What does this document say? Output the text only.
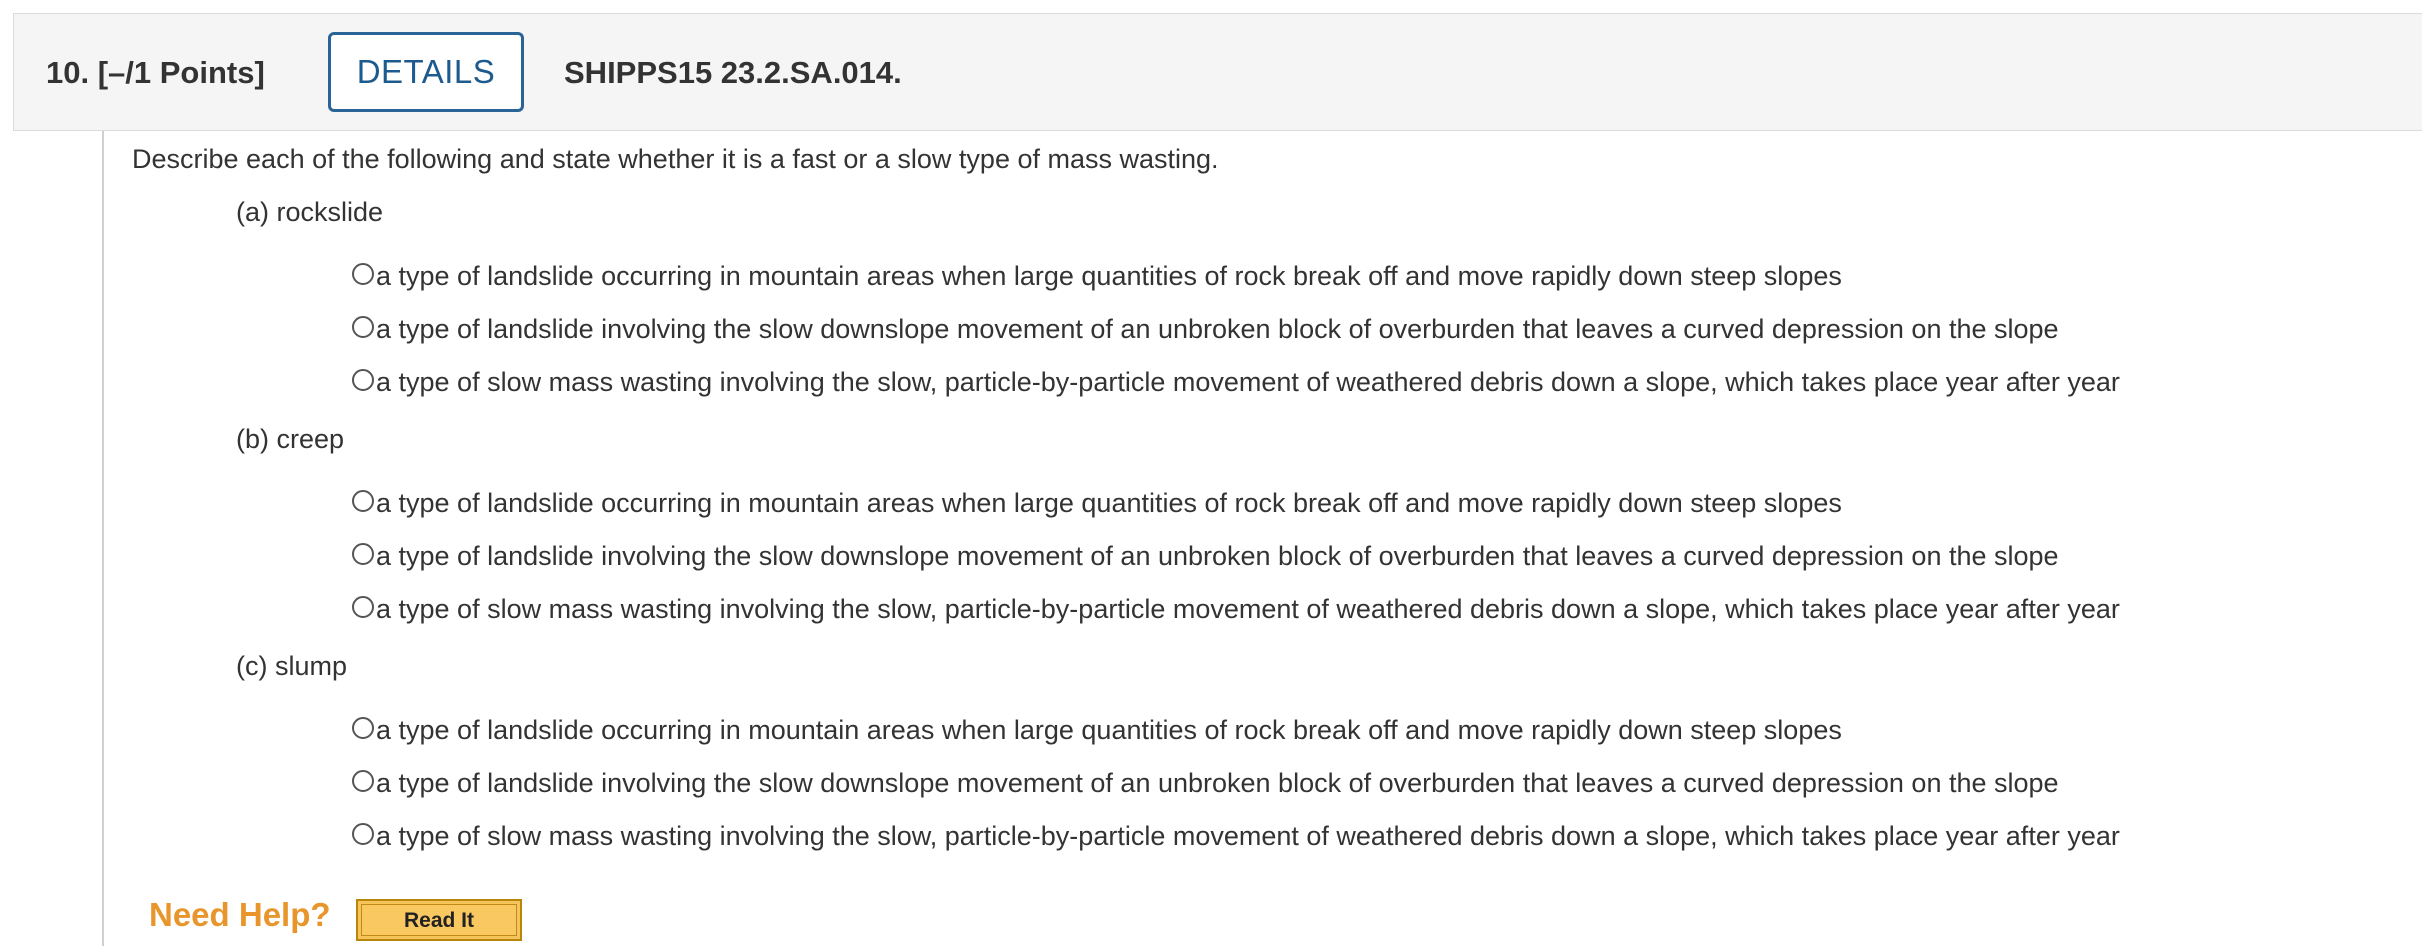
10. [–/1 Points]	DETAILS	SHIPPS15 23.2.SA.014.
Describe each of the following and state whether it is a fast or a slow type of mass wasting.
(a) rockslide
a type of landslide occurring in mountain areas when large quantities of rock break off and move rapidly down steep slopes
a type of landslide involving the slow downslope movement of an unbroken block of overburden that leaves a curved depression on the slope
a type of slow mass wasting involving the slow, particle-by-particle movement of weathered debris down a slope, which takes place year after year
(b) creep
a type of landslide occurring in mountain areas when large quantities of rock break off and move rapidly down steep slopes
a type of landslide involving the slow downslope movement of an unbroken block of overburden that leaves a curved depression on the slope
a type of slow mass wasting involving the slow, particle-by-particle movement of weathered debris down a slope, which takes place year after year
(c) slump
a type of landslide occurring in mountain areas when large quantities of rock break off and move rapidly down steep slopes
a type of landslide involving the slow downslope movement of an unbroken block of overburden that leaves a curved depression on the slope
a type of slow mass wasting involving the slow, particle-by-particle movement of weathered debris down a slope, which takes place year after year
Need Help?	Read It
